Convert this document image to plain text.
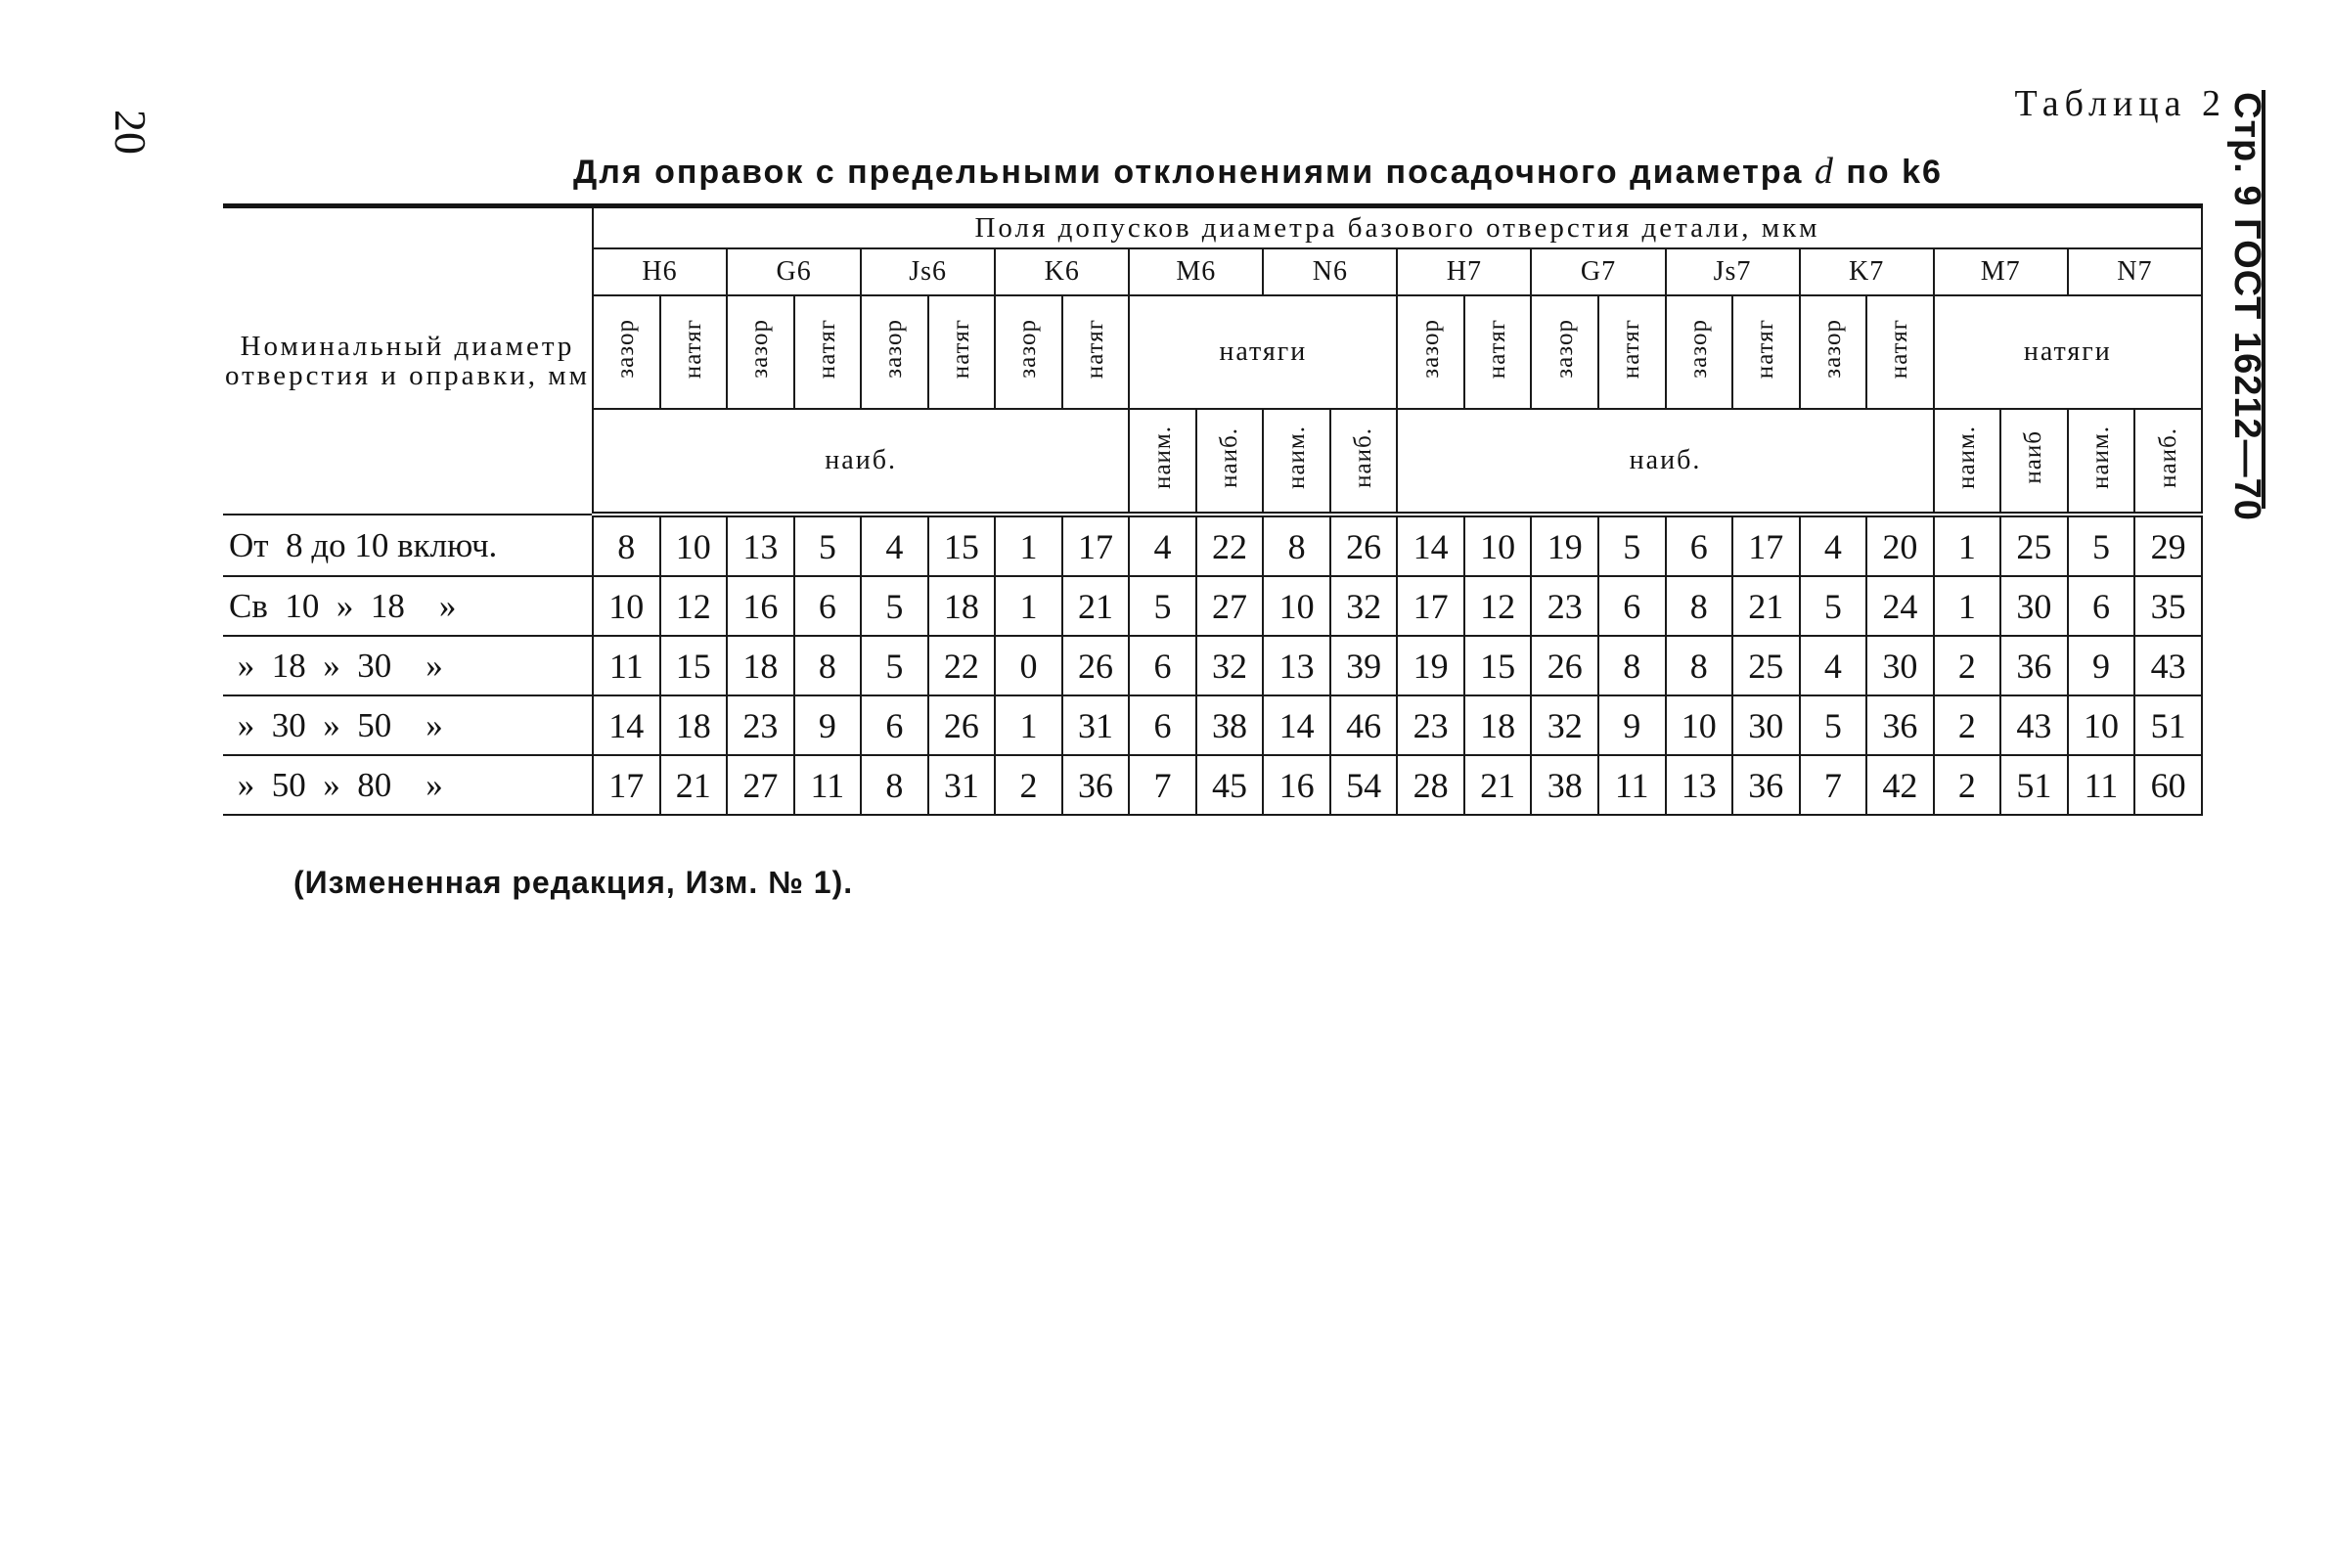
20	Стр. 9 ГОСТ 16212—70
Таблица 2
Для оправок с предельными отклонениями посадочного диаметра d по k6
Номинальный диаметр отверстия и оправки, мм	Поля допусков диаметра базового отверстия детали, мкм																							
	H6		G6		Js6		K6		M6		N6		H7		G7		Js7		K7		M7		N7	
	зазор	натяг	зазор	натяг	зазор	натяг	зазор	натяг	натяги				зазор	натяг	зазор	натяг	зазор	натяг	зазор	натяг	натяги			
	наиб.								наим.	наиб.	наим.	наиб.	наиб.								наим.	наиб	наим.	наиб.
От  8 до 10 включ.	8	10	13	5	4	15	1	17	4	22	8	26	14	10	19	5	6	17	4	20	1	25	5	29
Св  10  »  18    »	10	12	16	6	5	18	1	21	5	27	10	32	17	12	23	6	8	21	5	24	1	30	6	35
»  18  »  30    »	11	15	18	8	5	22	0	26	6	32	13	39	19	15	26	8	8	25	4	30	2	36	9	43
»  30  »  50    »	14	18	23	9	6	26	1	31	6	38	14	46	23	18	32	9	10	30	5	36	2	43	10	51
»  50  »  80    »	17	21	27	11	8	31	2	36	7	45	16	54	28	21	38	11	13	36	7	42	2	51	11	60
(Измененная редакция, Изм. № 1).
